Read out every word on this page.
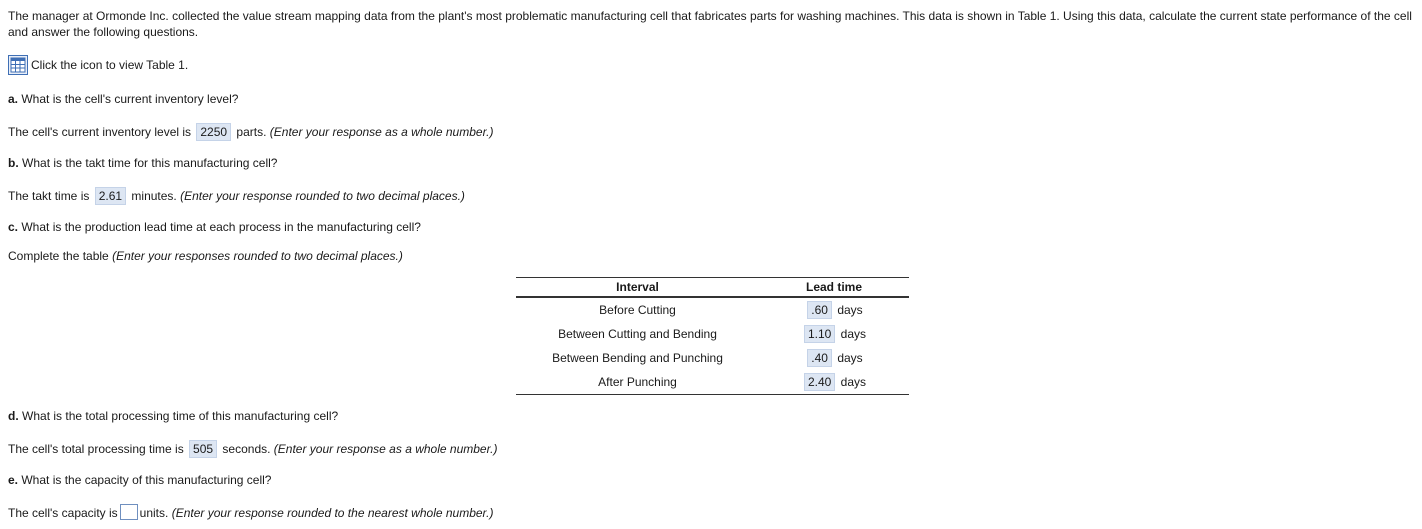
The manager at Ormonde Inc. collected the value stream mapping data from the plant's most problematic manufacturing cell that fabricates parts for washing machines. This data is shown in Table 1. Using this data, calculate the current state performance of the cell and answer the following questions.
Click the icon to view Table 1.
a. What is the cell's current inventory level?
The cell's current inventory level is 2250 parts. (Enter your response as a whole number.)
b. What is the takt time for this manufacturing cell?
The takt time is 2.61 minutes. (Enter your response rounded to two decimal places.)
c. What is the production lead time at each process in the manufacturing cell?
Complete the table (Enter your responses rounded to two decimal places.)
Interval	Lead time
Before Cutting	.60 days
Between Cutting and Bending	1.10 days
Between Bending and Punching	.40 days
After Punching	2.40 days
d. What is the total processing time of this manufacturing cell?
The cell's total processing time is 505 seconds. (Enter your response as a whole number.)
e. What is the capacity of this manufacturing cell?
The cell's capacity is units. (Enter your response rounded to the nearest whole number.)
